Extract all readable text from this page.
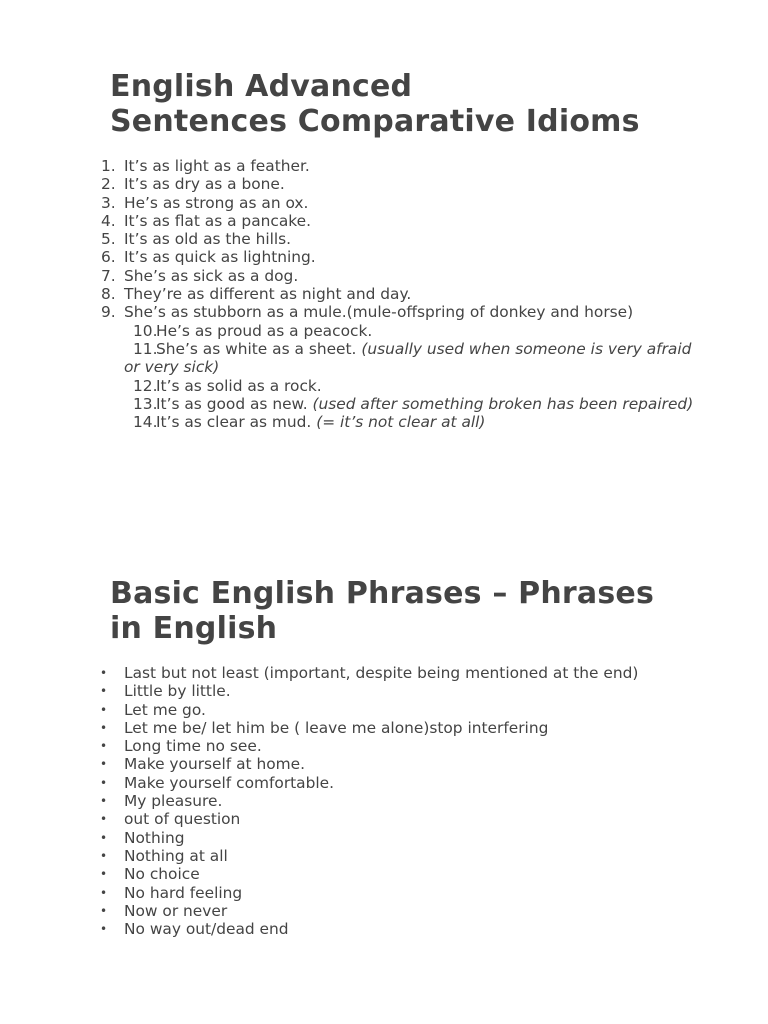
English Advanced
Sentences Comparative Idioms
1. It’s as light as a feather.
2. It’s as dry as a bone.
3. He’s as strong as an ox.
4. It’s as flat as a pancake.
5. It’s as old as the hills.
6. It’s as quick as lightning.
7. She’s as sick as a dog.
8. They’re as different as night and day.
9. She’s as stubborn as a mule.(mule-offspring of donkey and horse)
10.
He’s as proud as a peacock.
11.
She’s as white as a sheet. (usually used when someone is very afraid or very sick)
12.
It’s as solid as a rock.
13.
It’s as good as new. (used after something broken has been repaired)
14.
It’s as clear as mud. (= it’s not clear at all)
Basic English Phrases – Phrases
in English
• Last but not least (important, despite being mentioned at the end)
• Little by little.
• Let me go.
• Let me be/ let him be ( leave me alone)stop interfering
• Long time no see.
• Make yourself at home.
• Make yourself comfortable.
• My pleasure.
• out of question
• Nothing
• Nothing at all
• No choice
• No hard feeling
• Now or never
• No way out/dead end
